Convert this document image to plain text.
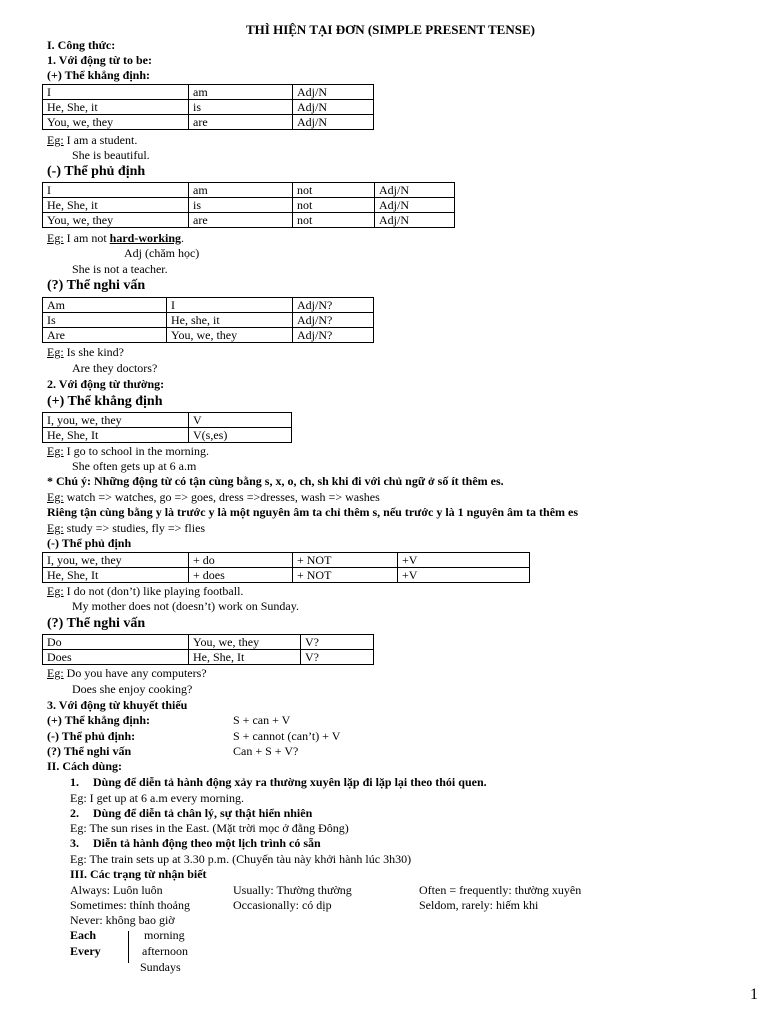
THÌ HIỆN TẠI ĐƠN (SIMPLE PRESENT TENSE)
I. Công thức:
1. Với động từ to be:
(+) Thể khẳng định:
I	am	Adj/N
He, She, it	is	Adj/N
You, we, they	are	Adj/N
Eg: I am a student.
She is beautiful.
(-) Thể phủ định
I	am	not	Adj/N
He, She, it	is	not	Adj/N
You, we, they	are	not	Adj/N
Eg: I am not hard-working.
Adj (chăm học)
She is not a teacher.
(?) Thể nghi vấn
Am	I	Adj/N?
Is	He, she, it	Adj/N?
Are	You, we, they	Adj/N?
Eg: Is she kind?
Are they doctors?
2. Với động từ thường:
(+) Thể khẳng định
I, you, we, they	V
He, She, It	V(s,es)
Eg: I go to school in the morning.
She often gets up at 6 a.m
* Chú ý: Những động từ có tận cùng bằng s, x, o, ch, sh khi đi với chủ ngữ ở số ít thêm es.
Eg: watch => watches, go => goes, dress =>dresses, wash => washes
Riêng tận cùng bằng y là trước y là một nguyên âm ta chỉ thêm s, nếu trước y là 1 nguyên âm ta thêm es
Eg: study => studies, fly => flies
(-) Thể phủ định
I, you, we, they	+ do	+ NOT	+V
He, She, It	+ does	+ NOT	+V
Eg: I do not (don’t) like playing football.
My mother does not (doesn’t) work on Sunday.
(?) Thể nghi vấn
Do	You, we, they	V?
Does	He, She, It	V?
Eg: Do you have any computers?
Does she enjoy cooking?
3. Với động từ khuyết thiếu
(+) Thể khẳng định:	S + can + V
(-) Thể phủ định:	S + cannot (can’t) + V
(?) Thể nghi vấn	Can + S + V?
II. Cách dùng:
1. Dùng để diễn tả hành động xảy ra thường xuyên lặp đi lặp lại theo thói quen.
Eg: I get up at 6 a.m every morning.
2. Dùng để diễn tả chân lý, sự thật hiển nhiên
Eg: The sun rises in the East. (Mặt trời mọc ở đằng Đông)
3. Diễn tả hành động theo một lịch trình có sẵn
Eg: The train sets up at 3.30 p.m. (Chuyến tàu này khởi hành lúc 3h30)
III. Các trạng từ nhận biết
Always: Luôn luôn	Usually: Thường thường	Often = frequently: thường xuyên
Sometimes: thỉnh thoảng	Occasionally: có dịp	Seldom, rarely: hiếm khi
Never: không bao giờ
Each
Every
morning
afternoon
Sundays
1
